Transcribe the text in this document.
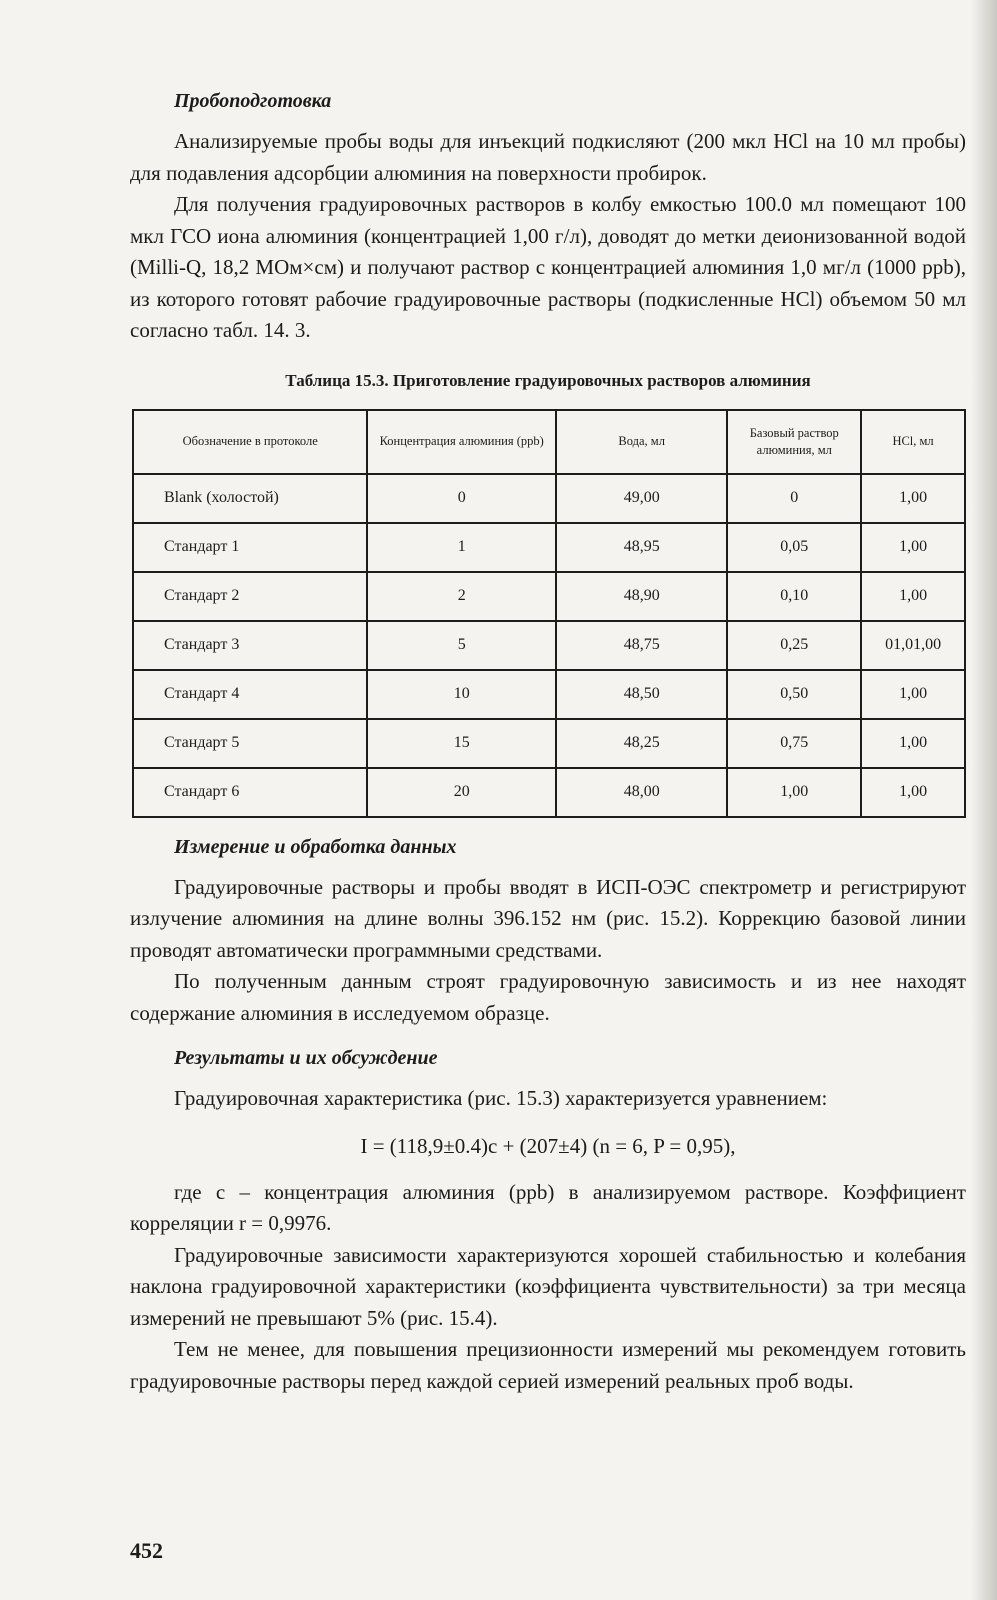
Пробоподготовка

Анализируемые пробы воды для инъекций подкисляют (200 мкл HCl на 10 мл пробы) для подавления адсорбции алюминия на поверхности пробирок.

Для получения градуировочных растворов в колбу емкостью 100.0 мл помещают 100 мкл ГСО иона алюминия (концентрацией 1,00 г/л), доводят до метки деионизованной водой (Milli-Q, 18,2 МОм×см) и получают раствор с концентрацией алюминия 1,0 мг/л (1000 ppb), из которого готовят рабочие градуировочные растворы (подкисленные HCl) объемом 50 мл согласно табл. 14. 3.

Таблица 15.3. Приготовление градуировочных растворов алюминия
Обозначение в протоколе	Концентрация алюминия (ppb)	Вода, мл	Базовый раствор алюминия, мл	HCl, мл
Blank (холостой)	0	49,00	0	1,00
Стандарт 1	1	48,95	0,05	1,00
Стандарт 2	2	48,90	0,10	1,00
Стандарт 3	5	48,75	0,25	01,01,00
Стандарт 4	10	48,50	0,50	1,00
Стандарт 5	15	48,25	0,75	1,00
Стандарт 6	20	48,00	1,00	1,00
Измерение и обработка данных

Градуировочные растворы и пробы вводят в ИСП-ОЭС спектрометр и регистрируют излучение алюминия на длине волны 396.152 нм (рис. 15.2). Коррекцию базовой линии проводят автоматически программными средствами.

По полученным данным строят градуировочную зависимость и из нее находят содержание алюминия в исследуемом образце.

Результаты и их обсуждение

Градуировочная характеристика (рис. 15.3) характеризуется уравнением:

I = (118,9±0.4)c + (207±4) (n = 6, P = 0,95),

где с – концентрация алюминия (ppb) в анализируемом растворе. Коэффициент корреляции r = 0,9976.

Градуировочные зависимости характеризуются хорошей стабильностью и колебания наклона градуировочной характеристики (коэффициента чувствительности) за три месяца измерений не превышают 5% (рис. 15.4).

Тем не менее, для повышения прецизионности измерений мы рекомендуем готовить градуировочные растворы перед каждой серией измерений реальных проб воды.

452
